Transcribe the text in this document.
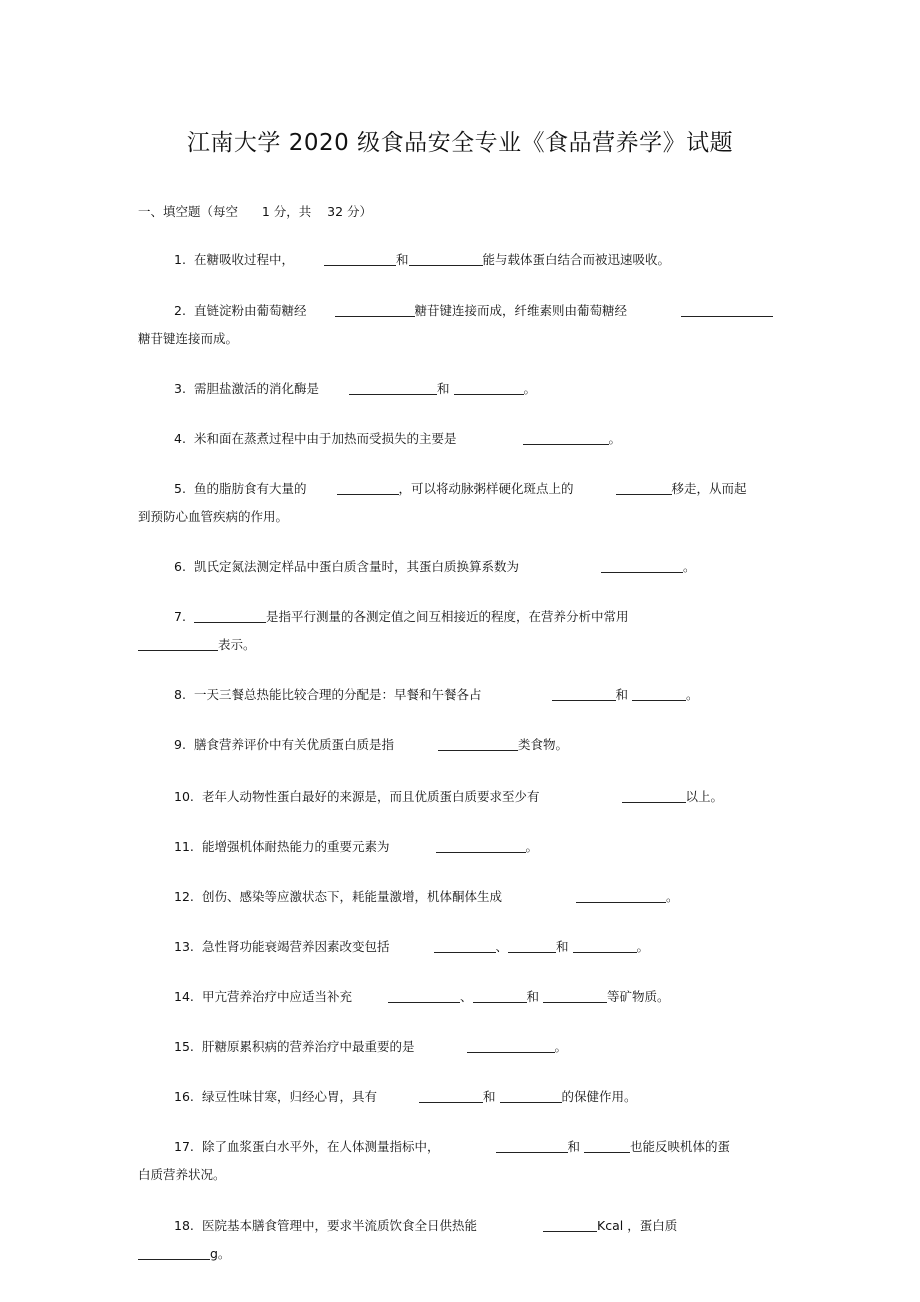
江南大学 2020 级食品安全专业《食品营养学》试题
一、填空题（每空      1 分，共    32 分）
1. 在糖吸收过程中，	和	能与载体蛋白结合而被迅速吸收。
2. 直链淀粉由葡萄糖经	糖苷键连接而成，纤维素则由葡萄糖经
糖苷键连接而成。
3. 需胆盐激活的消化酶是	和	。
4. 米和面在蒸煮过程中由于加热而受损失的主要是	。
5. 鱼的脂肪食有大量的	，可以将动脉粥样硬化斑点上的	移走，从而起
到预防心血管疾病的作用。
6. 凯氏定氮法测定样品中蛋白质含量时，其蛋白质换算系数为	。
7.	是指平行测量的各测定值之间互相接近的程度，在营养分析中常用
表示。
8. 一天三餐总热能比较合理的分配是：早餐和午餐各占	和	。
9. 膳食营养评价中有关优质蛋白质是指	类食物。
10. 老年人动物性蛋白最好的来源是，而且优质蛋白质要求至少有	以上。
11. 能增强机体耐热能力的重要元素为	。
12. 创伤、感染等应激状态下，耗能量激增，机体酮体生成	。
13. 急性肾功能衰竭营养因素改变包括	、	和	。
14. 甲亢营养治疗中应适当补充	、	和	等矿物质。
15. 肝糖原累积病的营养治疗中最重要的是	。
16. 绿豆性味甘寒，归经心胃，具有	和	的保健作用。
17. 除了血浆蛋白水平外，在人体测量指标中，	和	也能反映机体的蛋
白质营养状况。
18. 医院基本膳食管理中，要求半流质饮食全日供热能	Kcal ，蛋白质
g。
